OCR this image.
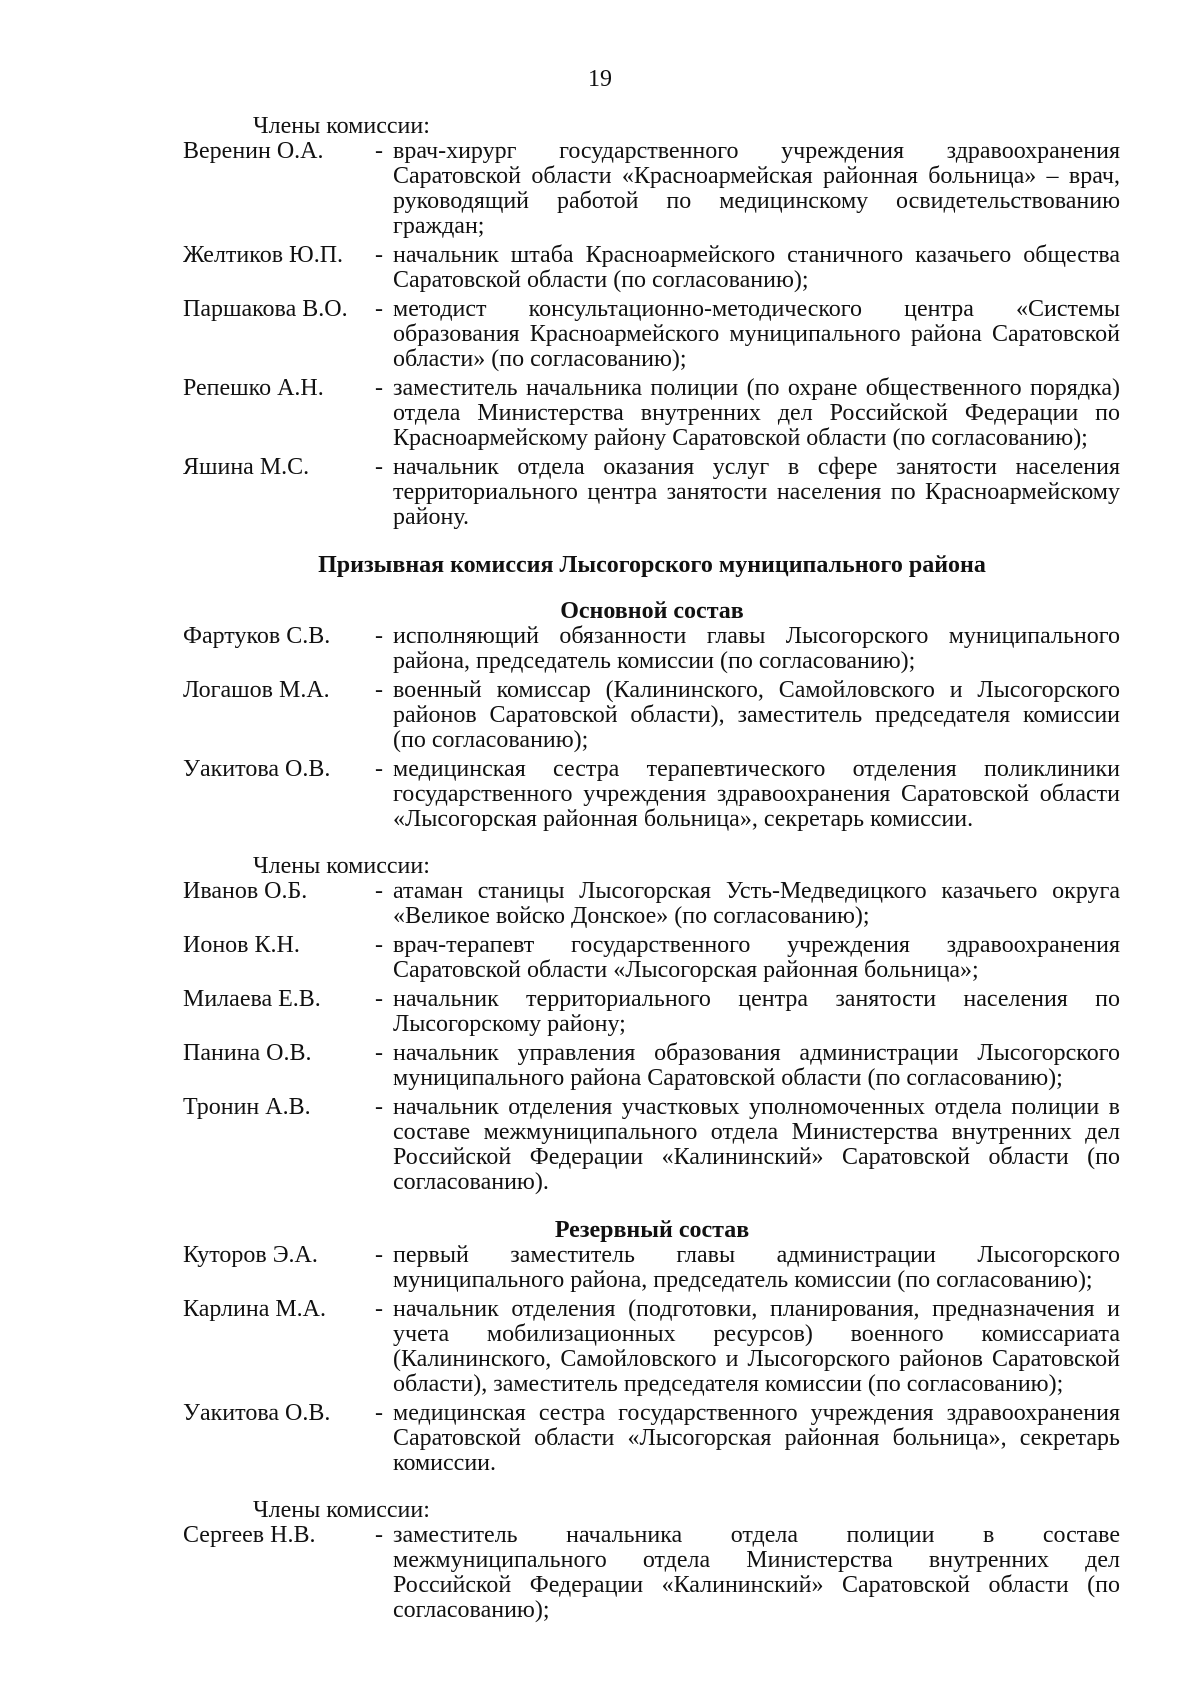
19
Члены комиссии:
Веренин О.А.	- врач-хирург государственного учреждения здравоохранения Саратовской области «Красноармейская районная больница» – врач, руководящий работой по медицинскому освидетельствованию граждан;
Желтиков Ю.П.	- начальник штаба Красноармейского станичного казачьего общества Саратовской области (по согласованию);
Паршакова В.О.	- методист консультационно-методического центра «Системы образования Красноармейского муниципального района Саратовской области» (по согласованию);
Репешко А.Н.	- заместитель начальника полиции (по охране общественного порядка) отдела Министерства внутренних дел Российской Федерации по Красноармейскому району Саратовской области (по согласованию);
Яшина М.С.	- начальник отдела оказания услуг в сфере занятости населения территориального центра занятости населения по Красноармейскому району.
Призывная комиссия Лысогорского муниципального района
Основной состав
Фартуков С.В.	- исполняющий обязанности главы Лысогорского муниципального района, председатель комиссии (по согласованию);
Логашов М.А.	- военный комиссар (Калининского, Самойловского и Лысогорского районов Саратовской области), заместитель председателя комиссии (по согласованию);
Уакитова О.В.	- медицинская сестра терапевтического отделения поликлиники государственного учреждения здравоохранения Саратовской области «Лысогорская районная больница», секретарь комиссии.
Члены комиссии:
Иванов О.Б.	- атаман станицы Лысогорская Усть-Медведицкого казачьего округа «Великое войско Донское» (по согласованию);
Ионов К.Н.	- врач-терапевт государственного учреждения здравоохранения Саратовской области «Лысогорская районная больница»;
Милаева Е.В.	- начальник территориального центра занятости населения по Лысогорскому району;
Панина О.В.	- начальник управления образования администрации Лысогорского муниципального района Саратовской области (по согласованию);
Тронин А.В.	- начальник отделения участковых уполномоченных отдела полиции в составе межмуниципального отдела Министерства внутренних дел Российской Федерации «Калининский» Саратовской области (по согласованию).
Резервный состав
Куторов Э.А.	- первый заместитель главы администрации Лысогорского муниципального района, председатель комиссии (по согласованию);
Карлина М.А.	- начальник отделения (подготовки, планирования, предназначения и учета мобилизационных ресурсов) военного комиссариата (Калининского, Самойловского и Лысогорского районов Саратовской области), заместитель председателя комиссии (по согласованию);
Уакитова О.В.	- медицинская сестра государственного учреждения здравоохранения Саратовской области «Лысогорская районная больница», секретарь комиссии.
Члены комиссии:
Сергеев Н.В.	- заместитель начальника отдела полиции в составе межмуниципального отдела Министерства внутренних дел Российской Федерации «Калининский» Саратовской области (по согласованию);
